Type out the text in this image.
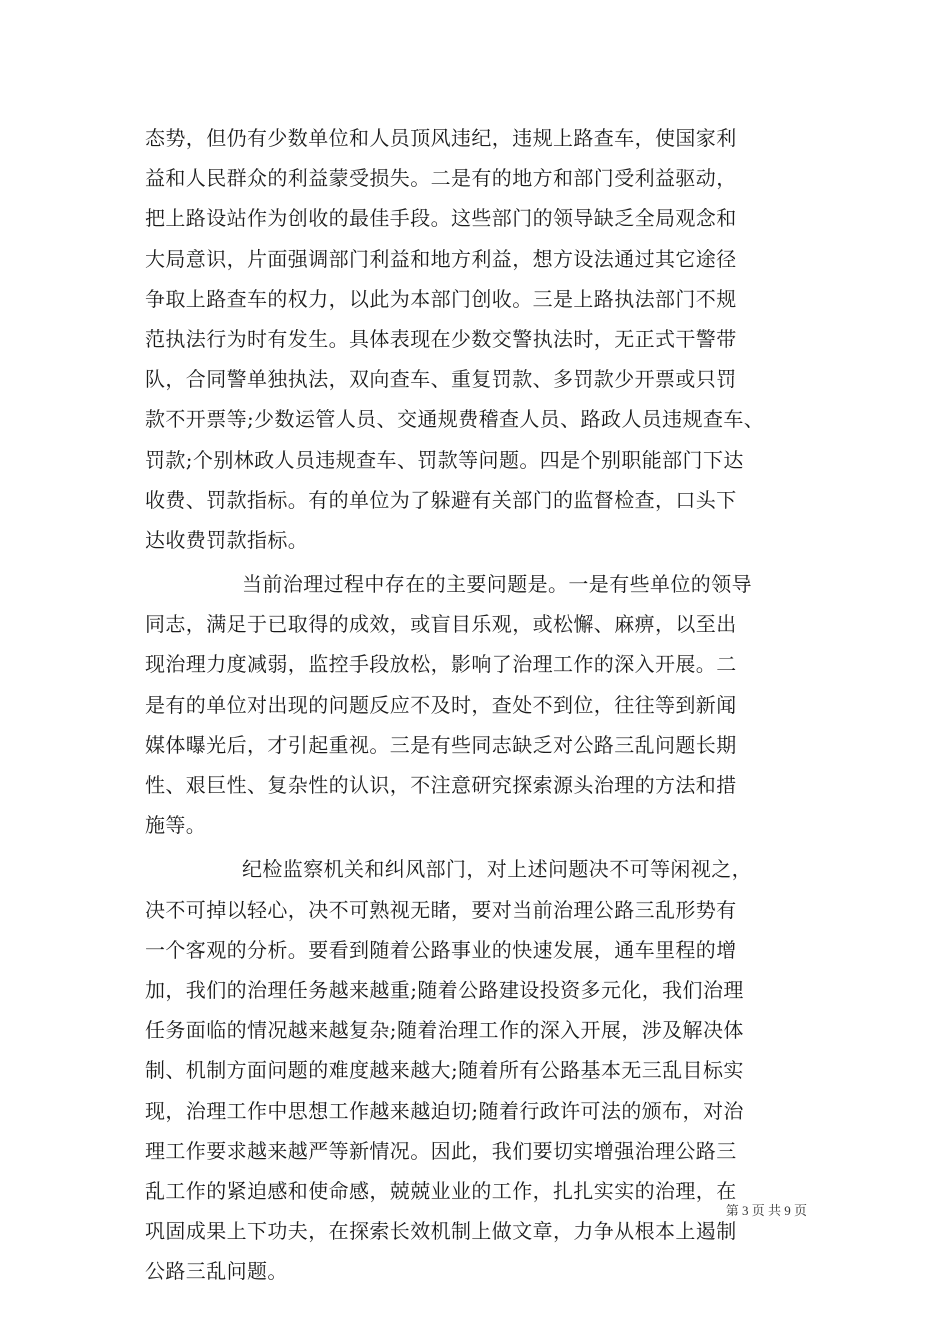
态势，但仍有少数单位和人员顶风违纪，违规上路查车，使国家利
益和人民群众的利益蒙受损失。二是有的地方和部门受利益驱动，
把上路设站作为创收的最佳手段。这些部门的领导缺乏全局观念和
大局意识，片面强调部门利益和地方利益，想方设法通过其它途径
争取上路查车的权力，以此为本部门创收。三是上路执法部门不规
范执法行为时有发生。具体表现在少数交警执法时，无正式干警带
队，合同警单独执法，双向查车、重复罚款、多罚款少开票或只罚
款不开票等;少数运管人员、交通规费稽查人员、路政人员违规查车、
罚款;个别林政人员违规查车、罚款等问题。四是个别职能部门下达
收费、罚款指标。有的单位为了躲避有关部门的监督检查，口头下
达收费罚款指标。
当前治理过程中存在的主要问题是。一是有些单位的领导
同志，满足于已取得的成效，或盲目乐观，或松懈、麻痹，以至出
现治理力度减弱，监控手段放松，影响了治理工作的深入开展。二
是有的单位对出现的问题反应不及时，查处不到位，往往等到新闻
媒体曝光后，才引起重视。三是有些同志缺乏对公路三乱问题长期
性、艰巨性、复杂性的认识，不注意研究探索源头治理的方法和措
施等。
纪检监察机关和纠风部门，对上述问题决不可等闲视之，
决不可掉以轻心，决不可熟视无睹，要对当前治理公路三乱形势有
一个客观的分析。要看到随着公路事业的快速发展，通车里程的增
加，我们的治理任务越来越重;随着公路建设投资多元化，我们治理
任务面临的情况越来越复杂;随着治理工作的深入开展，涉及解决体
制、机制方面问题的难度越来越大;随着所有公路基本无三乱目标实
现，治理工作中思想工作越来越迫切;随着行政许可法的颁布，对治
理工作要求越来越严等新情况。因此，我们要切实增强治理公路三
乱工作的紧迫感和使命感，兢兢业业的工作，扎扎实实的治理，在
巩固成果上下功夫，在探索长效机制上做文章，力争从根本上遏制
公路三乱问题。
第 3 页 共 9 页
